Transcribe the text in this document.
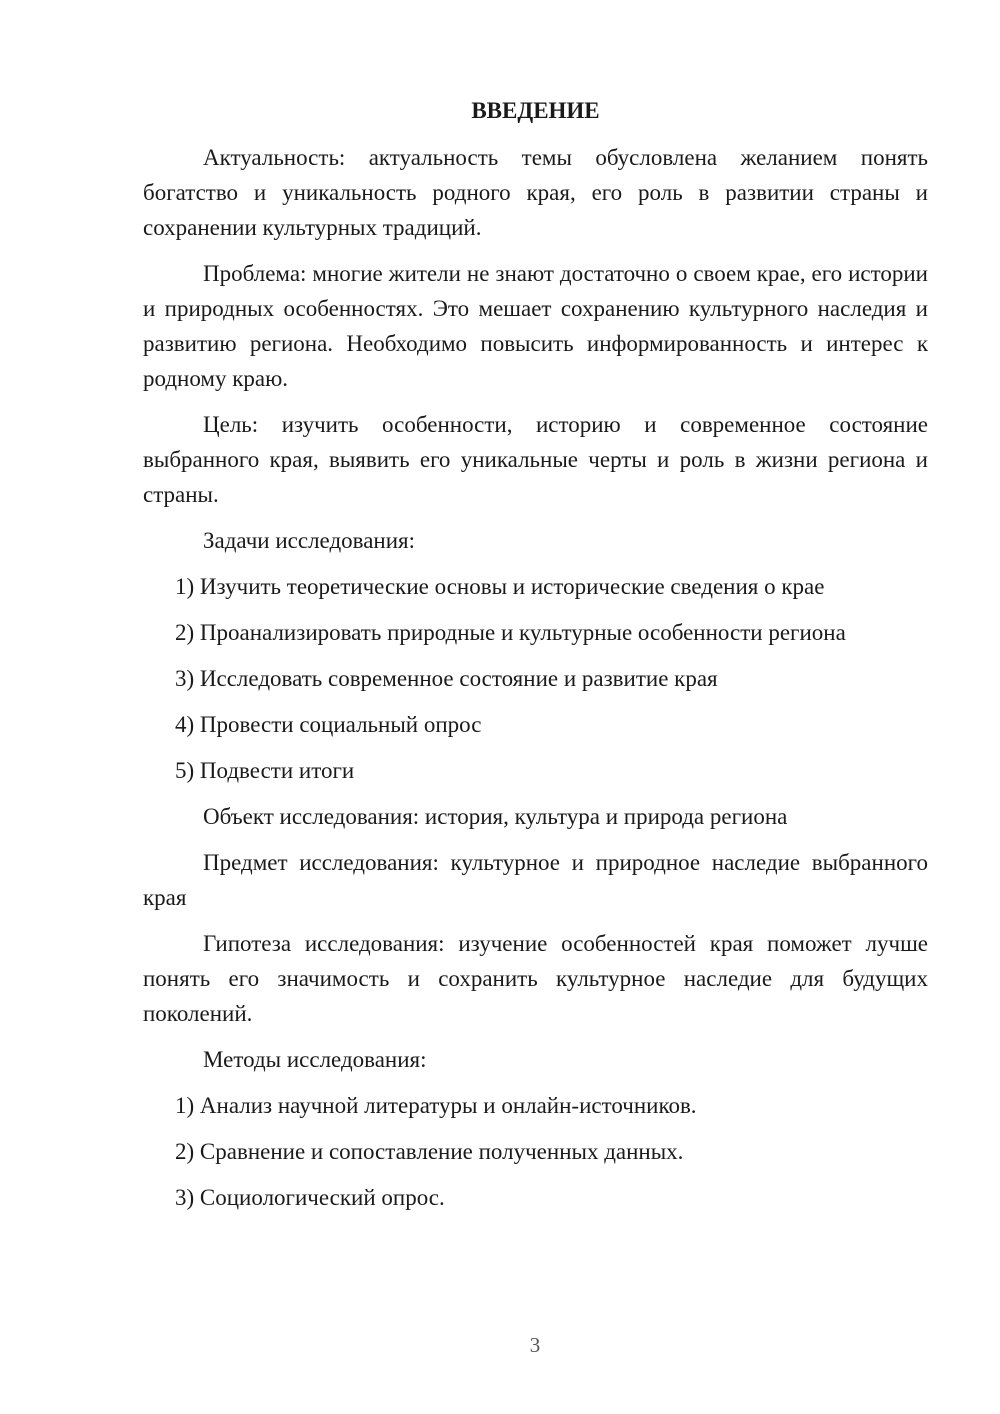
ВВЕДЕНИЕ

Актуальность: актуальность темы обусловлена желанием понять богатство и уникальность родного края, его роль в развитии страны и сохранении культурных традиций.

Проблема: многие жители не знают достаточно о своем крае, его истории и природных особенностях. Это мешает сохранению культурного наследия и развитию региона. Необходимо повысить информированность и интерес к родному краю.

Цель: изучить особенности, историю и современное состояние выбранного края, выявить его уникальные черты и роль в жизни региона и страны.

Задачи исследования:

1) Изучить теоретические основы и исторические сведения о крае

2) Проанализировать природные и культурные особенности региона

3) Исследовать современное состояние и развитие края

4) Провести социальный опрос

5) Подвести итоги

Объект исследования: история, культура и природа региона

Предмет исследования: культурное и природное наследие выбранного края

Гипотеза исследования: изучение особенностей края поможет лучше понять его значимость и сохранить культурное наследие для будущих поколений.

Методы исследования:

1) Анализ научной литературы и онлайн-источников.

2) Сравнение и сопоставление полученных данных.

3) Социологический опрос.

3
